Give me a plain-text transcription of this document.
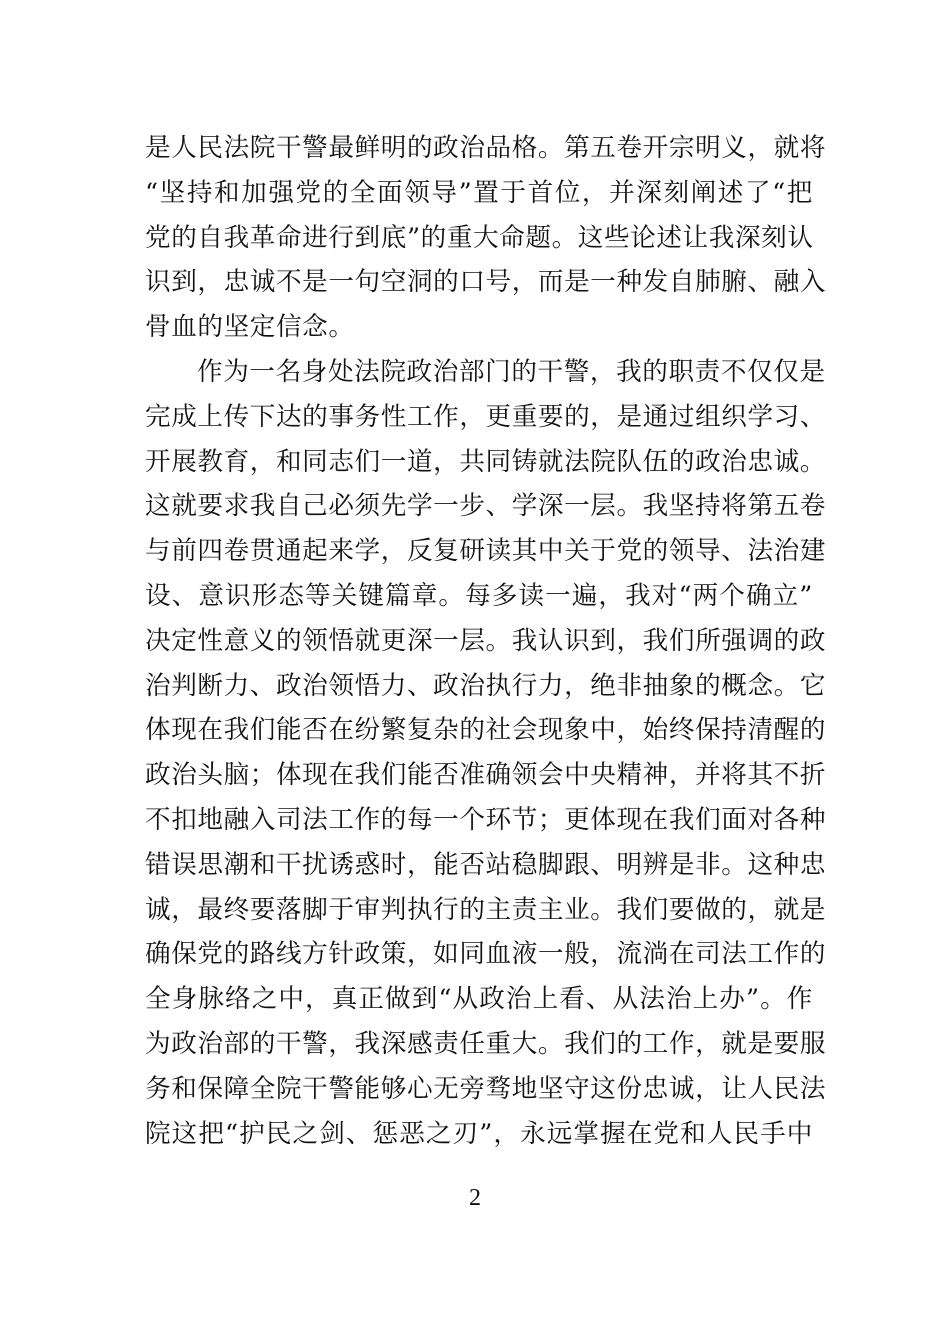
是人民法院干警最鲜明的政治品格。第五卷开宗明义，就将
“坚持和加强党的全面领导”置于首位，并深刻阐述了“把
党的自我革命进行到底”的重大命题。这些论述让我深刻认
识到，忠诚不是一句空洞的口号，而是一种发自肺腑、融入
骨血的坚定信念。
作为一名身处法院政治部门的干警，我的职责不仅仅是
完成上传下达的事务性工作，更重要的，是通过组织学习、
开展教育，和同志们一道，共同铸就法院队伍的政治忠诚。
这就要求我自己必须先学一步、学深一层。我坚持将第五卷
与前四卷贯通起来学，反复研读其中关于党的领导、法治建
设、意识形态等关键篇章。每多读一遍，我对“两个确立”
决定性意义的领悟就更深一层。我认识到，我们所强调的政
治判断力、政治领悟力、政治执行力，绝非抽象的概念。它
体现在我们能否在纷繁复杂的社会现象中，始终保持清醒的
政治头脑；体现在我们能否准确领会中央精神，并将其不折
不扣地融入司法工作的每一个环节；更体现在我们面对各种
错误思潮和干扰诱惑时，能否站稳脚跟、明辨是非。这种忠
诚，最终要落脚于审判执行的主责主业。我们要做的，就是
确保党的路线方针政策，如同血液一般，流淌在司法工作的
全身脉络之中，真正做到“从政治上看、从法治上办”。作
为政治部的干警，我深感责任重大。我们的工作，就是要服
务和保障全院干警能够心无旁骛地坚守这份忠诚，让人民法
院这把“护民之剑、惩恶之刃”，永远掌握在党和人民手中
2
